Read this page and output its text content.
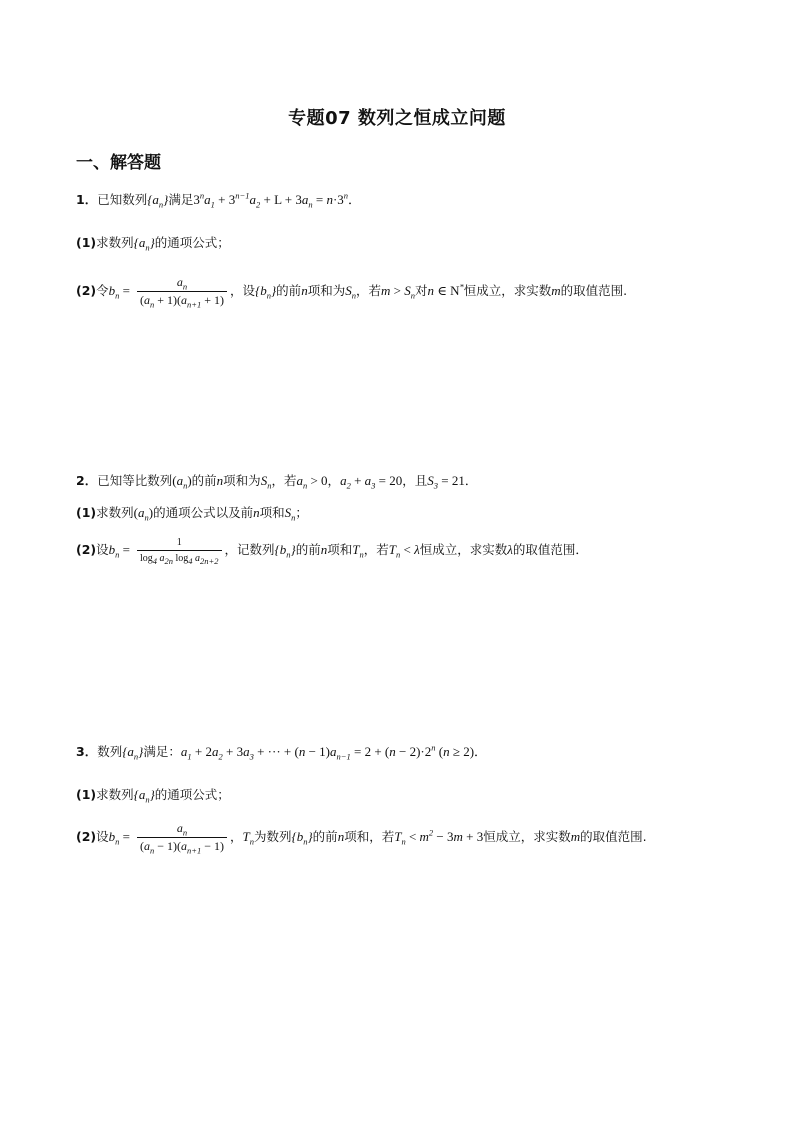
专题07 数列之恒成立问题
一、解答题
1．已知数列$\{a_n\}$满足$3^na_1 + 3^{n-1}a_2 + L + 3a_n = n\cdot 3^n$．
(1)求数列$\{a_n\}$的通项公式；
(2)令$b_n = \frac{a_n}{(a_n + 1)(a_{n+1} + 1)}$ ，设$\{b_n\}$的前n项和为$S_n$，若$m > S_n$对n ∈ N*恒成立，求实数m的取值范围.
2．已知等比数列$(a_n)$的前n项和为$S_n$，若$a_n > 0$，$a_2 + a_3 = 20$，且$S_3 = 21$．
(1)求数列$(a_n)$的通项公式以及前n项和$S_n$；
(2)设$b_n = \frac{1}{\log_4 a_{2n} \log_4 a_{2n+2}}$ ，记数列$\{b_n\}$的前n项和$T_n$，若$T_n < \lambda$恒成立，求实数λ的取值范围．
3．数列$\{a_n\}$满足：$a_1 + 2a_2 + 3a_3$ + ··· + $(n - 1)a_{n-1} = 2 + (n - 2)\cdot 2^n$ (n ≥ 2)．
(1)求数列$\{a_n\}$的通项公式；
(2)设$b_n = \frac{a_n}{(a_n - 1)(a_{n+1} - 1)}$ ，$T_n$为数列$\{b_n\}$的前n项和，若$T_n < m^2 - 3m + 3$恒成立，求实数m的取值范围.
